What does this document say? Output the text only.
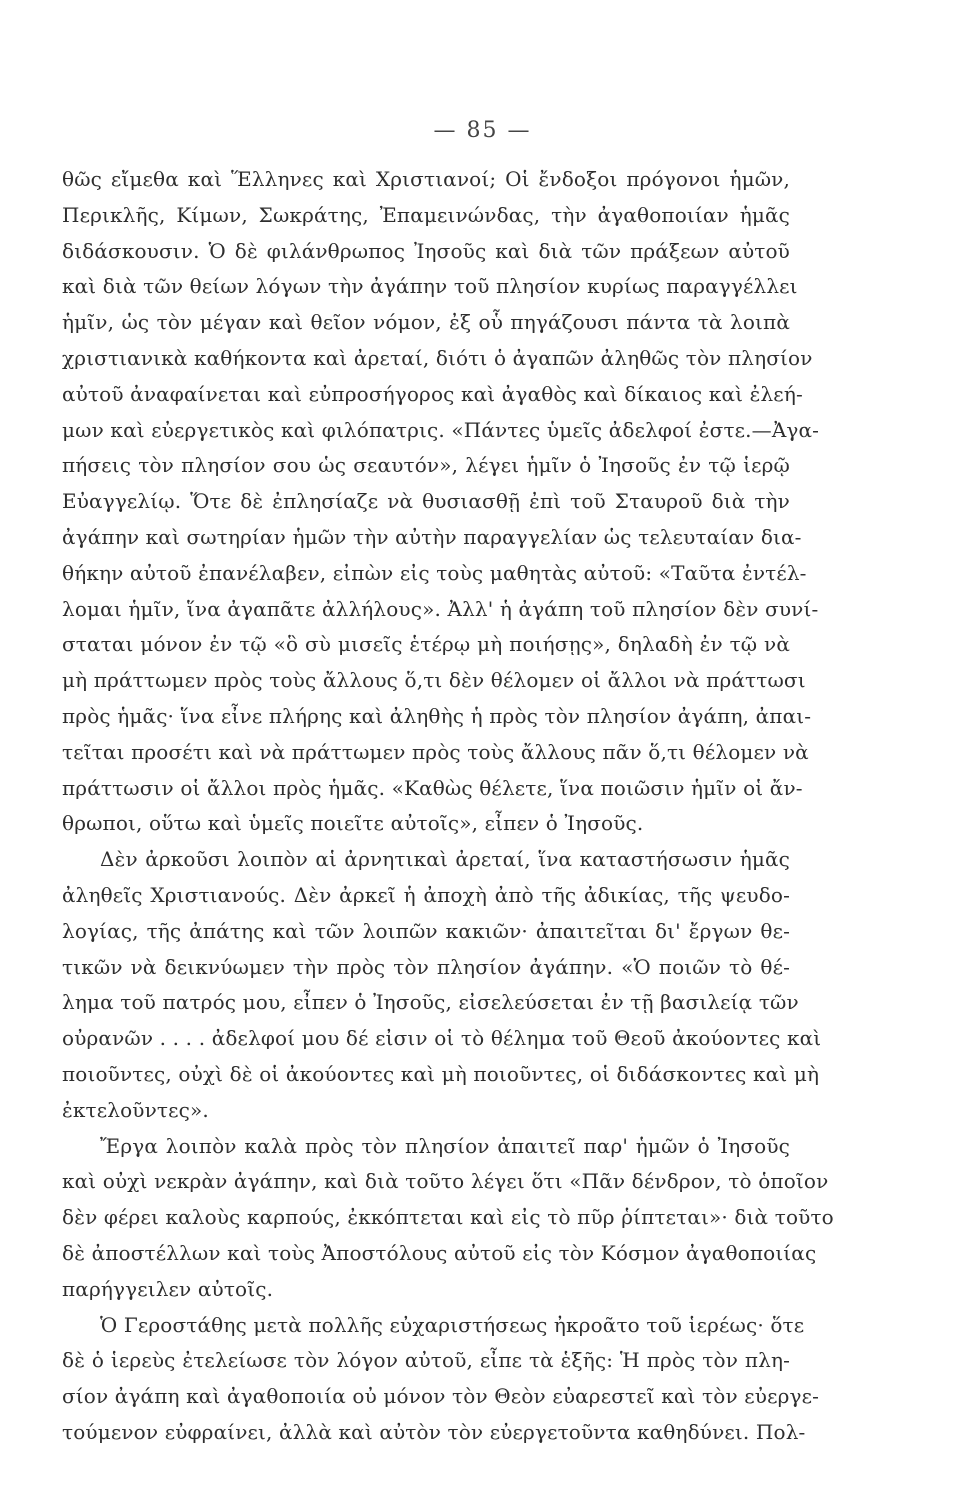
— 85 —
θῶς εἴμεθα καὶ Ἕλληνες καὶ Χριστιανοί; Οἱ ἔνδοξοι πρόγονοι ἡμῶν,
Περικλῆς, Κίμων, Σωκράτης, Ἐπαμεινώνδας, τὴν ἀγαθοποιίαν ἡμᾶς
διδάσκουσιν. Ὁ δὲ φιλάνθρωπος Ἰησοῦς καὶ διὰ τῶν πράξεων αὐτοῦ
καὶ διὰ τῶν θείων λόγων τὴν ἀγάπην τοῦ πλησίον κυρίως παραγγέλλει
ἡμῖν, ὡς τὸν μέγαν καὶ θεῖον νόμον, ἐξ οὗ πηγάζουσι πάντα τὰ λοιπὰ
χριστιανικὰ καθήκοντα καὶ ἀρεταί, διότι ὁ ἀγαπῶν ἀληθῶς τὸν πλησίον
αὐτοῦ ἀναφαίνεται καὶ εὐπροσήγορος καὶ ἀγαθὸς καὶ δίκαιος καὶ ἐλεή-
μων καὶ εὐεργετικὸς καὶ φιλόπατρις. «Πάντες ὑμεῖς ἀδελφοί ἐστε.—Ἀγα-
πήσεις τὸν πλησίον σου ὡς σεαυτόν», λέγει ἡμῖν ὁ Ἰησοῦς ἐν τῷ ἱερῷ
Εὐαγγελίῳ. Ὅτε δὲ ἐπλησίαζε νὰ θυσιασθῇ ἐπὶ τοῦ Σταυροῦ διὰ τὴν
ἀγάπην καὶ σωτηρίαν ἡμῶν τὴν αὐτὴν παραγγελίαν ὡς τελευταίαν δια-
θήκην αὐτοῦ ἐπανέλαβεν, εἰπὼν εἰς τοὺς μαθητὰς αὐτοῦ: «Ταῦτα ἐντέλ-
λομαι ἡμῖν, ἵνα ἀγαπᾶτε ἀλλήλους». Ἀλλ' ἡ ἀγάπη τοῦ πλησίον δὲν συνί-
σταται μόνον ἐν τῷ «ὃ σὺ μισεῖς ἑτέρῳ μὴ ποιήσῃς», δηλαδὴ ἐν τῷ νὰ
μὴ πράττωμεν πρὸς τοὺς ἄλλους ὅ,τι δὲν θέλομεν οἱ ἄλλοι νὰ πράττωσι
πρὸς ἡμᾶς· ἵνα εἶνε πλήρης καὶ ἀληθὴς ἡ πρὸς τὸν πλησίον ἀγάπη, ἀπαι-
τεῖται προσέτι καὶ νὰ πράττωμεν πρὸς τοὺς ἄλλους πᾶν ὅ,τι θέλομεν νὰ
πράττωσιν οἱ ἄλλοι πρὸς ἡμᾶς. «Καθὼς θέλετε, ἵνα ποιῶσιν ἡμῖν οἱ ἄν-
θρωποι, οὕτω καὶ ὑμεῖς ποιεῖτε αὐτοῖς», εἶπεν ὁ Ἰησοῦς.
Δὲν ἀρκοῦσι λοιπὸν αἱ ἀρνητικαὶ ἀρεταί, ἵνα καταστήσωσιν ἡμᾶς
ἀληθεῖς Χριστιανούς. Δὲν ἀρκεῖ ἡ ἀποχὴ ἀπὸ τῆς ἀδικίας, τῆς ψευδο-
λογίας, τῆς ἀπάτης καὶ τῶν λοιπῶν κακιῶν· ἀπαιτεῖται δι' ἔργων θε-
τικῶν νὰ δεικνύωμεν τὴν πρὸς τὸν πλησίον ἀγάπην. «Ὁ ποιῶν τὸ θέ-
λημα τοῦ πατρός μου, εἶπεν ὁ Ἰησοῦς, εἰσελεύσεται ἐν τῇ βασιλείᾳ τῶν
οὐρανῶν . . . . ἀδελφοί μου δέ εἰσιν οἱ τὸ θέλημα τοῦ Θεοῦ ἀκούοντες καὶ
ποιοῦντες, οὐχὶ δὲ οἱ ἀκούοντες καὶ μὴ ποιοῦντες, οἱ διδάσκοντες καὶ μὴ
ἐκτελοῦντες».
Ἔργα λοιπὸν καλὰ πρὸς τὸν πλησίον ἀπαιτεῖ παρ' ἡμῶν ὁ Ἰησοῦς
καὶ οὐχὶ νεκρὰν ἀγάπην, καὶ διὰ τοῦτο λέγει ὅτι «Πᾶν δένδρον, τὸ ὁποῖον
δὲν φέρει καλοὺς καρπούς, ἐκκόπτεται καὶ εἰς τὸ πῦρ ῥίπτεται»· διὰ τοῦτο
δὲ ἀποστέλλων καὶ τοὺς Ἀποστόλους αὐτοῦ εἰς τὸν Κόσμον ἀγαθοποιίας
παρήγγειλεν αὐτοῖς.
Ὁ Γεροστάθης μετὰ πολλῆς εὐχαριστήσεως ἠκροᾶτο τοῦ ἱερέως· ὅτε
δὲ ὁ ἱερεὺς ἐτελείωσε τὸν λόγον αὐτοῦ, εἶπε τὰ ἑξῆς: Ἡ πρὸς τὸν πλη-
σίον ἀγάπη καὶ ἀγαθοποιία οὐ μόνον τὸν Θεὸν εὐαρεστεῖ καὶ τὸν εὐεργε-
τούμενον εὐφραίνει, ἀλλὰ καὶ αὐτὸν τὸν εὐεργετοῦντα καθηδύνει. Πολ-
